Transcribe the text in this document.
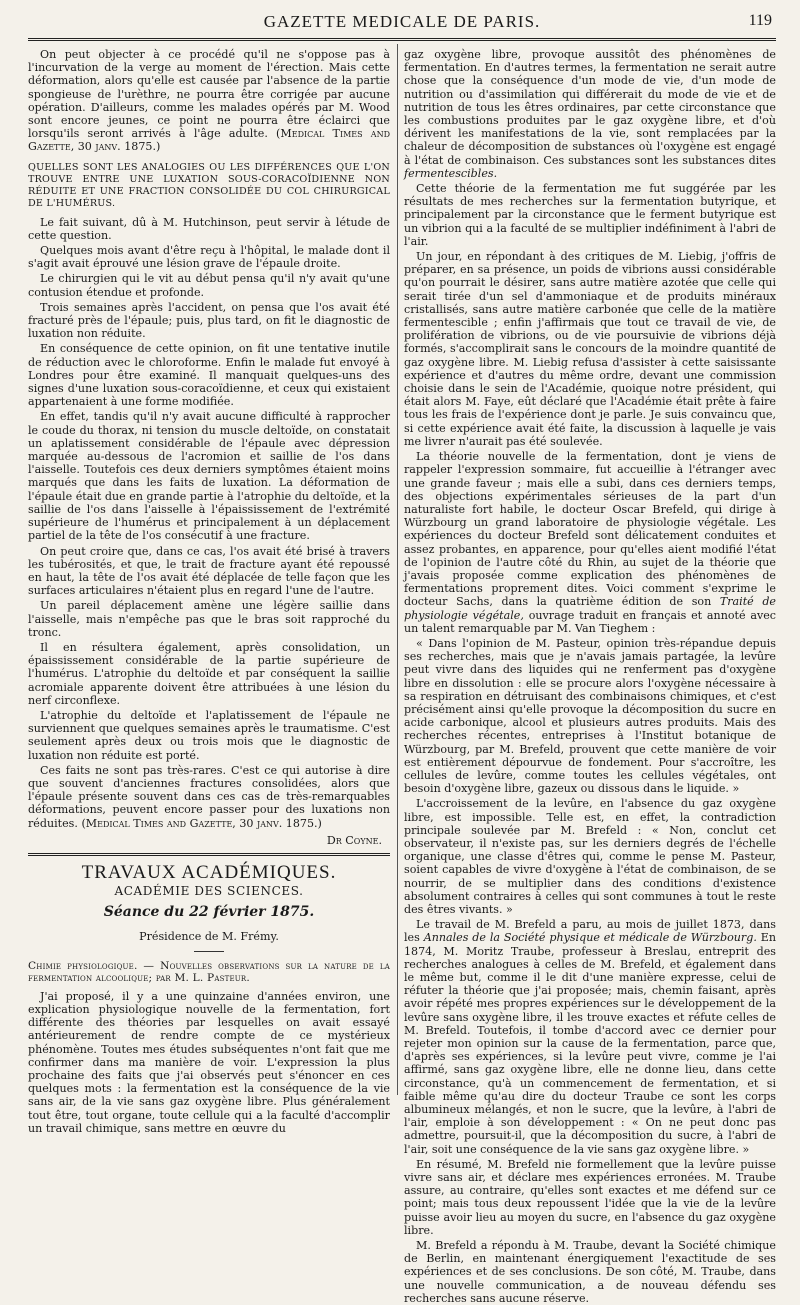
GAZETTE MEDICALE DE PARIS.	119

On peut objecter à ce procédé qu'il ne s'oppose pas à l'incurvation de la verge au moment de l'érection. Mais cette déformation, alors qu'elle est causée par l'absence de la partie spongieuse de l'urèthre, ne pourra être corrigée par aucune opération. D'ailleurs, comme les malades opérés par M. Wood sont encore jeunes, ce point ne pourra être éclairci que lorsqu'ils seront arrivés à l'âge adulte. (Medical Times and Gazette, 30 janv. 1875.)

QUELLES SONT LES ANALOGIES OU LES DIFFÉRENCES QUE L'ON TROUVE ENTRE UNE LUXATION SOUS-CORACOÏDIENNE NON RÉDUITE ET UNE FRACTION CONSOLIDÉE DU COL CHIRURGICAL DE L'HUMÉRUS.

Le fait suivant, dû à M. Hutchinson, peut servir à létude de cette question.

Quelques mois avant d'être reçu à l'hôpital, le malade dont il s'agit avait éprouvé une lésion grave de l'épaule droite.

Le chirurgien qui le vit au début pensa qu'il n'y avait qu'une contusion étendue et profonde.

Trois semaines après l'accident, on pensa que l'os avait été fracturé près de l'épaule; puis, plus tard, on fit le diagnostic de luxation non réduite.

En conséquence de cette opinion, on fit une tentative inutile de réduction avec le chloroforme. Enfin le malade fut envoyé à Londres pour être examiné. Il manquait quelques-uns des signes d'une luxation sous-coracoïdienne, et ceux qui existaient appartenaient à une forme modifiée.

En effet, tandis qu'il n'y avait aucune difficulté à rapprocher le coude du thorax, ni tension du muscle deltoïde, on constatait un aplatissement considérable de l'épaule avec dépression marquée au-dessous de l'acromion et saillie de l'os dans l'aisselle. Toutefois ces deux derniers symptômes étaient moins marqués que dans les faits de luxation. La déformation de l'épaule était due en grande partie à l'atrophie du deltoïde, et la saillie de l'os dans l'aisselle à l'épaississement de l'extrémité supérieure de l'humérus et principalement à un déplacement partiel de la tête de l'os consécutif à une fracture.

On peut croire que, dans ce cas, l'os avait été brisé à travers les tubérosités, et que, le trait de fracture ayant été repoussé en haut, la tête de l'os avait été déplacée de telle façon que les surfaces articulaires n'étaient plus en regard l'une de l'autre.

Un pareil déplacement amène une légère saillie dans l'aisselle, mais n'empêche pas que le bras soit rapproché du tronc.

Il en résultera également, après consolidation, un épaississement considérable de la partie supérieure de l'humérus. L'atrophie du deltoïde et par conséquent la saillie acromiale apparente doivent être attribuées à une lésion du nerf circonflexe.

L'atrophie du deltoïde et l'aplatissement de l'épaule ne surviennent que quelques semaines après le traumatisme. C'est seulement après deux ou trois mois que le diagnostic de luxation non réduite est porté.

Ces faits ne sont pas très-rares. C'est ce qui autorise à dire que souvent d'anciennes fractures consolidées, alors que l'épaule présente souvent dans ces cas de très-remarquables déformations, peuvent encore passer pour des luxations non réduites. (Medical Times and Gazette, 30 janv. 1875.)

Dr Coyne.

TRAVAUX ACADÉMIQUES.

ACADÉMIE DES SCIENCES.

Séance du 22 février 1875.

Présidence de M. Frémy.

Chimie physiologique. — Nouvelles observations sur la nature de la fermentation alcoolique; par M. L. Pasteur.

J'ai proposé, il y a une quinzaine d'années environ, une explication physiologique nouvelle de la fermentation, fort différente des théories par lesquelles on avait essayé antérieurement de rendre compte de ce mystérieux phénomène. Toutes mes études subséquentes n'ont fait que me confirmer dans ma manière de voir. L'expression la plus prochaine des faits que j'ai observés peut s'énoncer en ces quelques mots : la fermentation est la conséquence de la vie sans air, de la vie sans gaz oxygène libre. Plus généralement tout être, tout organe, toute cellule qui a la faculté d'accomplir un travail chimique, sans mettre en œuvre du

gaz oxygène libre, provoque aussitôt des phénomènes de fermentation. En d'autres termes, la fermentation ne serait autre chose que la conséquence d'un mode de vie, d'un mode de nutrition ou d'assimilation qui différerait du mode de vie et de nutrition de tous les êtres ordinaires, par cette circonstance que les combustions produites par le gaz oxygène libre, et d'où dérivent les manifestations de la vie, sont remplacées par la chaleur de décomposition de substances où l'oxygène est engagé à l'état de combinaison. Ces substances sont les substances dites fermentescibles.

Cette théorie de la fermentation me fut suggérée par les résultats de mes recherches sur la fermentation butyrique, et principalement par la circonstance que le ferment butyrique est un vibrion qui a la faculté de se multiplier indéfiniment à l'abri de l'air.

Un jour, en répondant à des critiques de M. Liebig, j'offris de préparer, en sa présence, un poids de vibrions aussi considérable qu'on pourrait le désirer, sans autre matière azotée que celle qui serait tirée d'un sel d'ammoniaque et de produits minéraux cristallisés, sans autre matière carbonée que celle de la matière fermentescible ; enfin j'affirmais que tout ce travail de vie, de prolifération de vibrions, ou de vie poursuivie de vibrions déjà formés, s'accomplirait sans le concours de la moindre quantité de gaz oxygène libre. M. Liebig refusa d'assister à cette saisissante expérience et d'autres du même ordre, devant une commission choisie dans le sein de l'Académie, quoique notre président, qui était alors M. Faye, eût déclaré que l'Académie était prête à faire tous les frais de l'expérience dont je parle. Je suis convaincu que, si cette expérience avait été faite, la discussion à laquelle je vais me livrer n'aurait pas été soulevée.

La théorie nouvelle de la fermentation, dont je viens de rappeler l'expression sommaire, fut accueillie à l'étranger avec une grande faveur ; mais elle a subi, dans ces derniers temps, des objections expérimentales sérieuses de la part d'un naturaliste fort habile, le docteur Oscar Brefeld, qui dirige à Würzbourg un grand laboratoire de physiologie végétale. Les expériences du docteur Brefeld sont délicatement conduites et assez probantes, en apparence, pour qu'elles aient modifié l'état de l'opinion de l'autre côté du Rhin, au sujet de la théorie que j'avais proposée comme explication des phénomènes de fermentations proprement dites. Voici comment s'exprime le docteur Sachs, dans la quatrième édition de son Traité de physiologie végétale, ouvrage traduit en français et annoté avec un talent remarquable par M. Van Tieghem :

« Dans l'opinion de M. Pasteur, opinion très-répandue depuis ses recherches, mais que je n'avais jamais partagée, la levûre peut vivre dans des liquides qui ne renferment pas d'oxygène libre en dissolution : elle se procure alors l'oxygène nécessaire à sa respiration en détruisant des combinaisons chimiques, et c'est précisément ainsi qu'elle provoque la décomposition du sucre en acide carbonique, alcool et plusieurs autres produits. Mais des recherches récentes, entreprises à l'Institut botanique de Würzbourg, par M. Brefeld, prouvent que cette manière de voir est entièrement dépourvue de fondement. Pour s'accroître, les cellules de levûre, comme toutes les cellules végétales, ont besoin d'oxygène libre, gazeux ou dissous dans le liquide. »

L'accroissement de la levûre, en l'absence du gaz oxygène libre, est impossible. Telle est, en effet, la contradiction principale soulevée par M. Brefeld : « Non, conclut cet observateur, il n'existe pas, sur les derniers degrés de l'échelle organique, une classe d'êtres qui, comme le pense M. Pasteur, soient capables de vivre d'oxygène à l'état de combinaison, de se nourrir, de se multiplier dans des conditions d'existence absolument contraires à celles qui sont communes à tout le reste des êtres vivants. »

Le travail de M. Brefeld a paru, au mois de juillet 1873, dans les Annales de la Société physique et médicale de Würzbourg. En 1874, M. Moritz Traube, professeur à Breslau, entreprit des recherches analogues à celles de M. Brefeld, et également dans le même but, comme il le dit d'une manière expresse, celui de réfuter la théorie que j'ai proposée; mais, chemin faisant, après avoir répété mes propres expériences sur le développement de la levûre sans oxygène libre, il les trouve exactes et réfute celles de M. Brefeld. Toutefois, il tombe d'accord avec ce dernier pour rejeter mon opinion sur la cause de la fermentation, parce que, d'après ses expériences, si la levûre peut vivre, comme je l'ai affirmé, sans gaz oxygène libre, elle ne donne lieu, dans cette circonstance, qu'à un commencement de fermentation, et si faible même qu'au dire du docteur Traube ce sont les corps albumineux mélangés, et non le sucre, que la levûre, à l'abri de l'air, emploie à son développement : « On ne peut donc pas admettre, poursuit-il, que la décomposition du sucre, à l'abri de l'air, soit une conséquence de la vie sans gaz oxygène libre. »

En résumé, M. Brefeld nie formellement que la levûre puisse vivre sans air, et déclare mes expériences erronées. M. Traube assure, au contraire, qu'elles sont exactes et me défend sur ce point; mais tous deux repoussent l'idée que la vie de la levûre puisse avoir lieu au moyen du sucre, en l'absence du gaz oxygène libre.

M. Brefeld a répondu à M. Traube, devant la Société chimique de Berlin, en maintenant énergiquement l'exactitude de ses expériences et de ses conclusions. De son côté, M. Traube, dans une nouvelle communication, a de nouveau défendu ses recherches sans aucune réserve.
